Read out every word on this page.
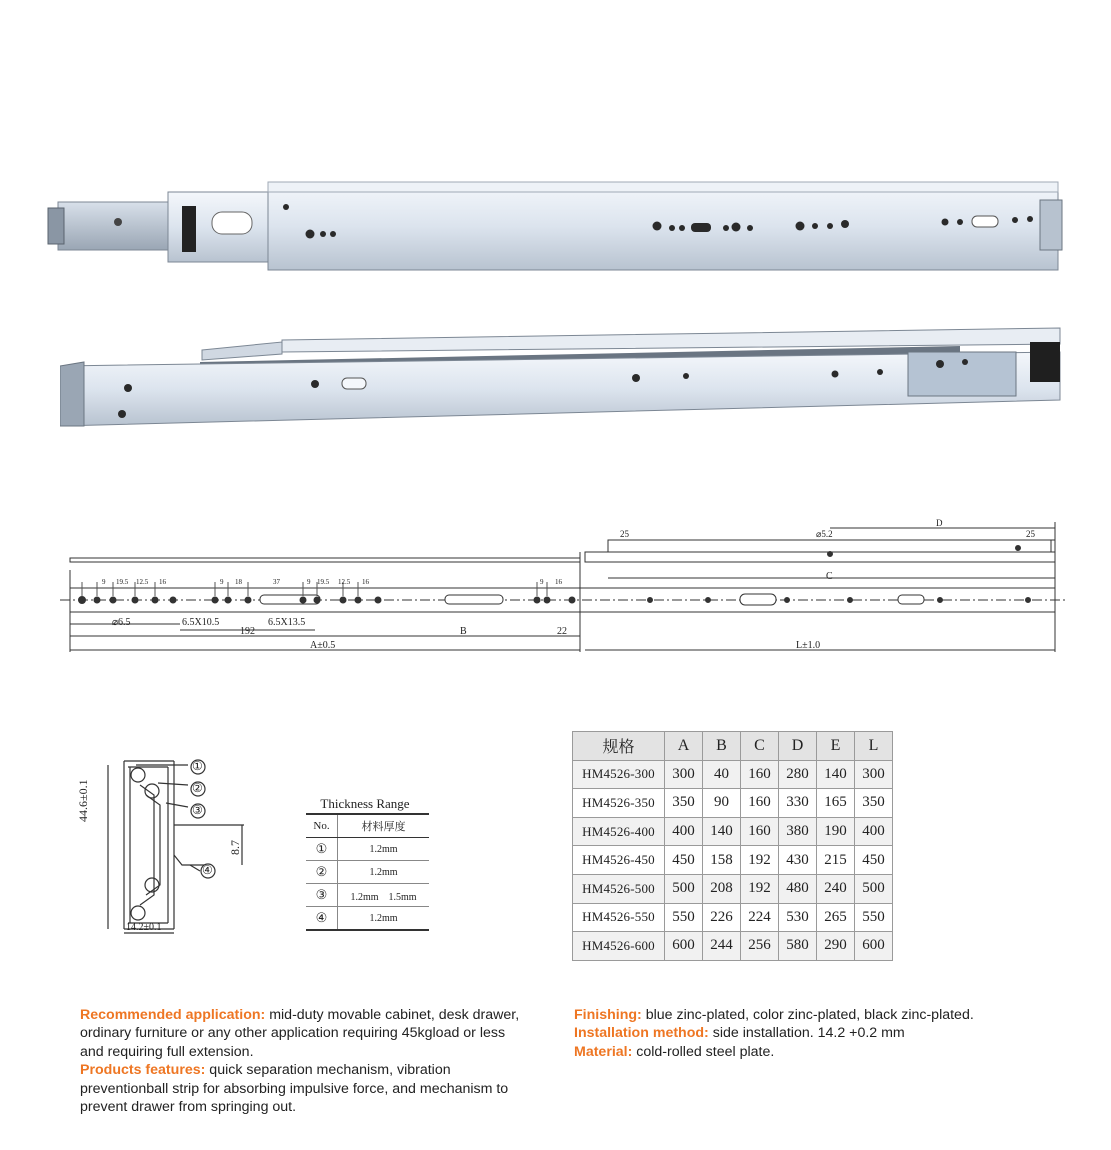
25	⌀5.2
D
25
9 19.5 12.5 16	9 18	37	9 19.5 12.5 16	9 16
⌀6.5	6.5X10.5	6.5X13.5
192	B	22
C
A±0.5	L±1.0
44.6±0.1
8.7
14.2±0.1
①
②
③
④
Thickness Range
No.	材料厚度
①	1.2mm
②	1.2mm
③	1.2mm　1.5mm
④	1.2mm
规格	A	B	C	D	E	L
HM4526-300	300	40	160	280	140	300
HM4526-350	350	90	160	330	165	350
HM4526-400	400	140	160	380	190	400
HM4526-450	450	158	192	430	215	450
HM4526-500	500	208	192	480	240	500
HM4526-550	550	226	224	530	265	550
HM4526-600	600	244	256	580	290	600
Recommended application: mid-duty movable cabinet, desk drawer, ordinary furniture or any other application requiring 45kgload or less and requiring full extension.
Products features: quick separation mechanism, vibration preventionball strip for absorbing impulsive force, and mechanism to prevent drawer from springing out.
Finishing: blue zinc-plated, color zinc-plated, black zinc-plated.
Installation method: side installation. 14.2 +0.2 mm
Material: cold-rolled steel plate.
